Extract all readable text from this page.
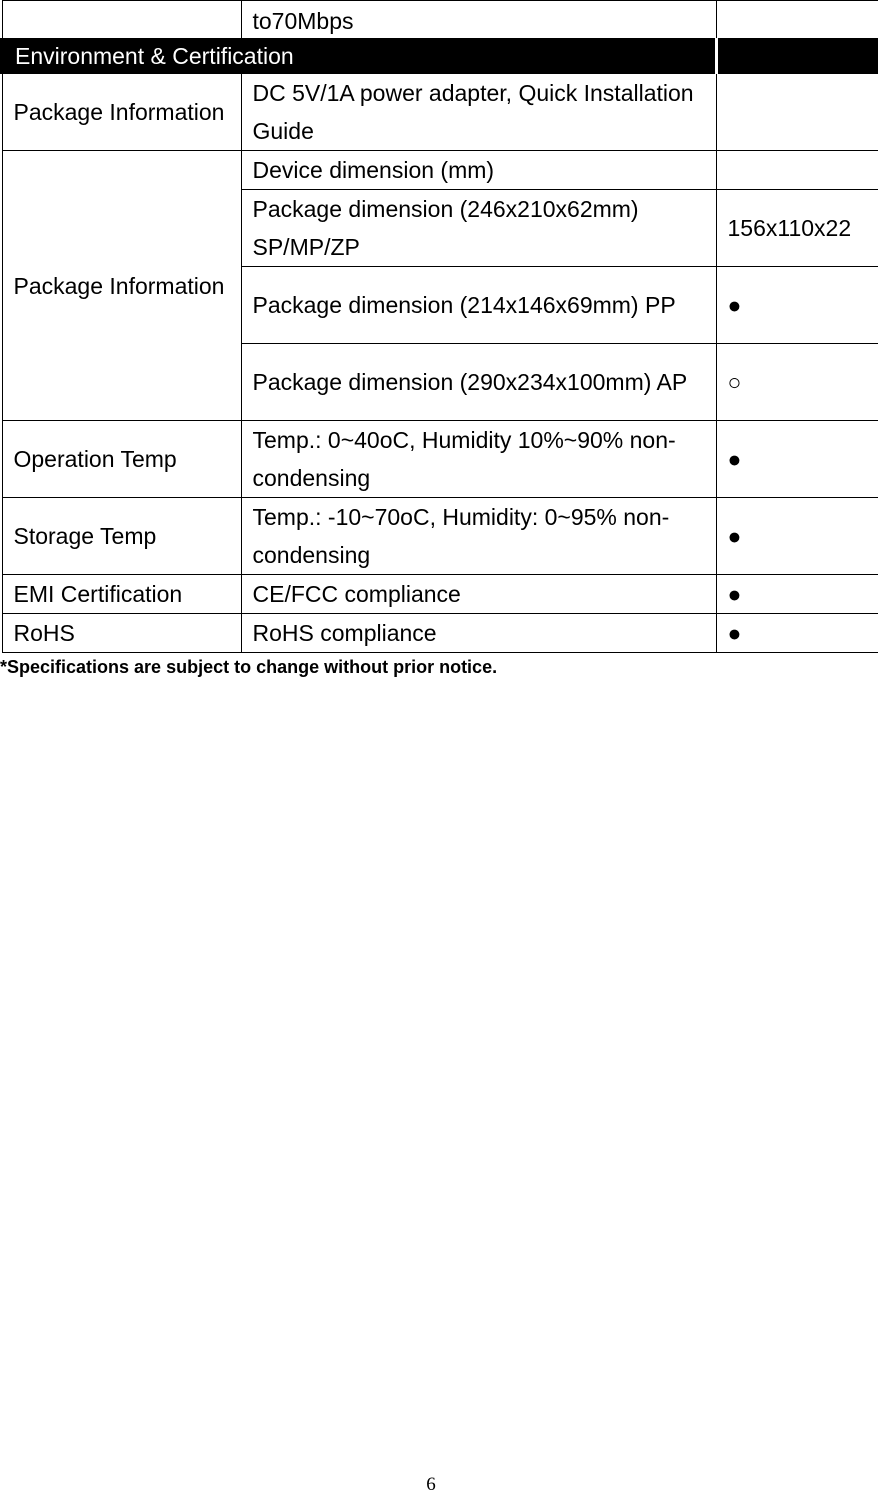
	to70Mbps	
Environment & Certification		
Package Information	DC 5V/1A power adapter, Quick Installation Guide	
Package Information	Device dimension (mm)	
	Package dimension (246x210x62mm) SP/MP/ZP	156x110x22
	Package dimension (214x146x69mm) PP	●
	Package dimension (290x234x100mm) AP	○
Operation Temp	Temp.: 0~40oC, Humidity 10%~90% non-condensing	●
Storage Temp	Temp.: -10~70oC, Humidity: 0~95% non-condensing	●
EMI Certification	CE/FCC compliance	●
RoHS	RoHS compliance	●
*Specifications are subject to change without prior notice.
6
